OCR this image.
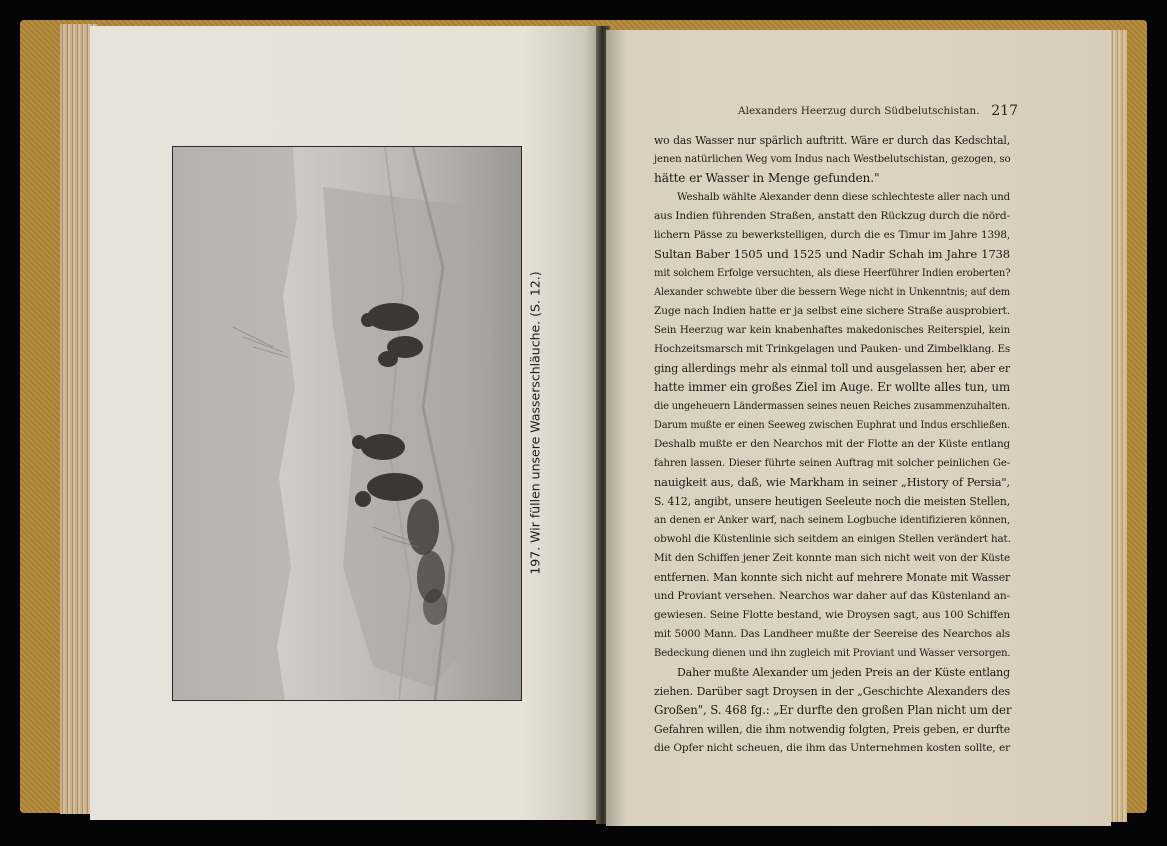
197. Wir füllen unsere Wasserschläuche. (S. 12.)
Alexanders Heerzug durch Südbelutschistan. 217
wo das Wasser nur spärlich auftritt. Wäre er durch das Kedschtal,
jenen natürlichen Weg vom Indus nach Westbelutschistan, gezogen, so
hätte er Wasser in Menge gefunden."
Weshalb wählte Alexander denn diese schlechteste aller nach und
aus Indien führenden Straßen, anstatt den Rückzug durch die nörd-
lichern Pässe zu bewerkstelligen, durch die es Timur im Jahre 1398,
Sultan Baber 1505 und 1525 und Nadir Schah im Jahre 1738
mit solchem Erfolge versuchten, als diese Heerführer Indien eroberten?
Alexander schwebte über die bessern Wege nicht in Unkenntnis; auf dem
Zuge nach Indien hatte er ja selbst eine sichere Straße ausprobiert.
Sein Heerzug war kein knabenhaftes makedonisches Reiterspiel, kein
Hochzeitsmarsch mit Trinkgelagen und Pauken- und Zimbelklang. Es
ging allerdings mehr als einmal toll und ausgelassen her, aber er
hatte immer ein großes Ziel im Auge. Er wollte alles tun, um
die ungeheuern Ländermassen seines neuen Reiches zusammenzuhalten.
Darum mußte er einen Seeweg zwischen Euphrat und Indus erschließen.
Deshalb mußte er den Nearchos mit der Flotte an der Küste entlang
fahren lassen. Dieser führte seinen Auftrag mit solcher peinlichen Ge-
nauigkeit aus, daß, wie Markham in seiner „History of Persia",
S. 412, angibt, unsere heutigen Seeleute noch die meisten Stellen,
an denen er Anker warf, nach seinem Logbuche identifizieren können,
obwohl die Küstenlinie sich seitdem an einigen Stellen verändert hat.
Mit den Schiffen jener Zeit konnte man sich nicht weit von der Küste
entfernen. Man konnte sich nicht auf mehrere Monate mit Wasser
und Proviant versehen. Nearchos war daher auf das Küstenland an-
gewiesen. Seine Flotte bestand, wie Droysen sagt, aus 100 Schiffen
mit 5000 Mann. Das Landheer mußte der Seereise des Nearchos als
Bedeckung dienen und ihn zugleich mit Proviant und Wasser versorgen.
Daher mußte Alexander um jeden Preis an der Küste entlang
ziehen. Darüber sagt Droysen in der „Geschichte Alexanders des
Großen", S. 468 fg.: „Er durfte den großen Plan nicht um der
Gefahren willen, die ihm notwendig folgten, Preis geben, er durfte
die Opfer nicht scheuen, die ihm das Unternehmen kosten sollte, er
